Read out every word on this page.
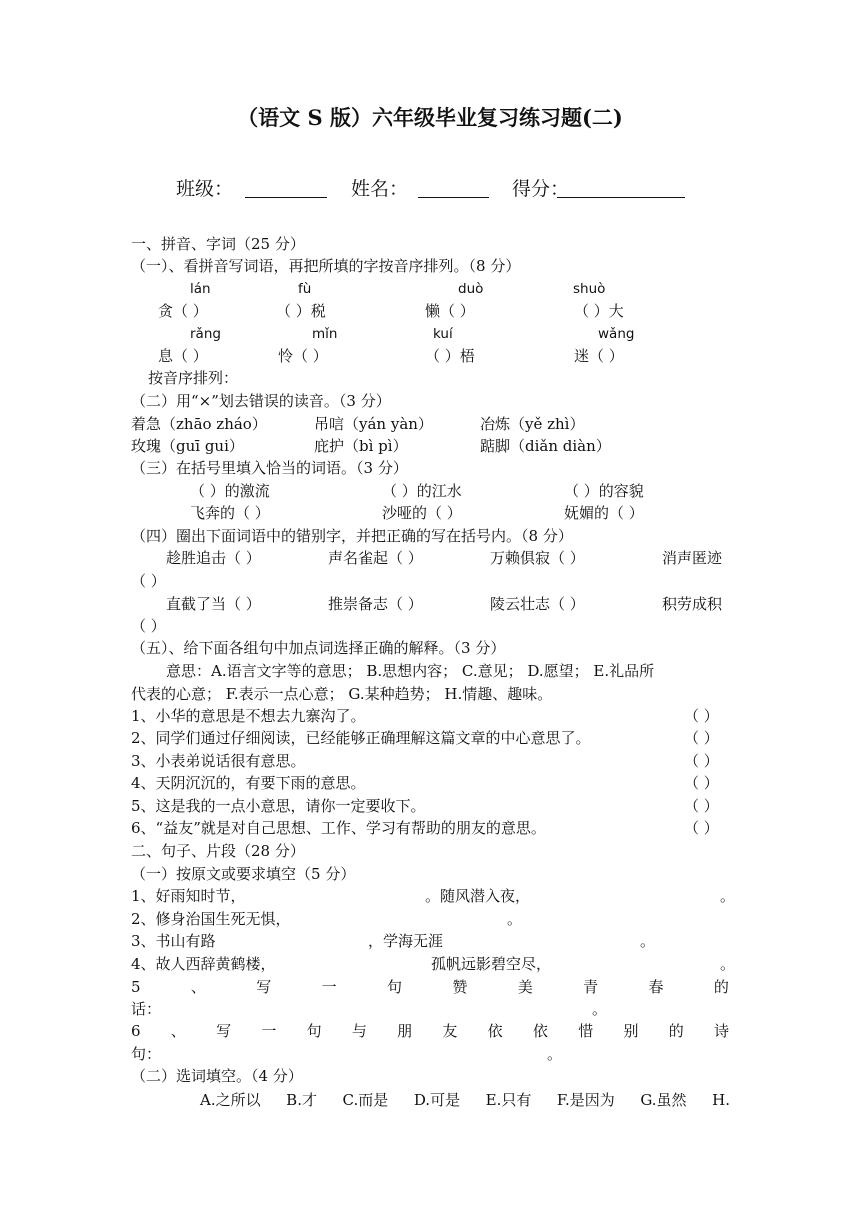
（语文 S 版）六年级毕业复习练习题(二)
班级：	姓名：	得分：
一、拼音、字词（25 分）
（一）、看拼音写词语，再把所填的字按音序排列。（8 分）
lán	fù	duò	shuò
贪（ ）	（ ）税	懒（ ）	（ ）大
rǎng	mǐn	kuí	wǎng
息（ ）	怜（ ）	（ ）梧	迷（ ）
按音序排列：
（二）用“×”划去错误的读音。（3 分）
着急（zhāo zháo）	吊唁（yán yàn）	冶炼（yě zhì）
玫瑰（guī gui）	庇护（bì pì）	踮脚（diǎn diàn）
（三）在括号里填入恰当的词语。（3 分）
（ ）的激流	（ ）的江水	（ ）的容貌
飞奔的（ ）	沙哑的（ ）	妩媚的（ ）
（四）圈出下面词语中的错别字，并把正确的写在括号内。（8 分）
趁胜追击（ ）	声名雀起（ ）	万赖俱寂（ ）	消声匿迹
（ ）
直截了当（ ）	推崇备志（ ）	陵云壮志（ ）	积劳成积
（ ）
（五）、给下面各组句中加点词选择正确的解释。（3 分）
意思：A.语言文字等的意思； B.思想内容； C.意见； D.愿望； E.礼品所
代表的心意； F.表示一点心意； G.某种趋势； H.情趣、趣味。
1、小华的意思是不想去九寨沟了。	（ ）
2、同学们通过仔细阅读，已经能够正确理解这篇文章的中心意思了。	（ ）
3、小表弟说话很有意思。	（ ）
4、天阴沉沉的，有要下雨的意思。	（ ）
5、这是我的一点小意思，请你一定要收下。	（ ）
6、“益友”就是对自己思想、工作、学习有帮助的朋友的意思。	（ ）
二、句子、片段（28 分）
（一）按原文或要求填空（5 分）
1、好雨知时节，	。随风潜入夜，	。
2、修身治国生死无惧，	。
3、书山有路	，学海无涯	。
4、故人西辞黄鹤楼，	孤帆远影碧空尽，	。
5	、	写	一	句	赞	美	青	春	的
话：	。
6 、 写 一 句 与 朋 友 依 依 惜 别 的 诗
句：	。
（二）选词填空。（4 分）
A.之所以 B.才 C.而是 D.可是 E.只有 F.是因为 G.虽然 H.
